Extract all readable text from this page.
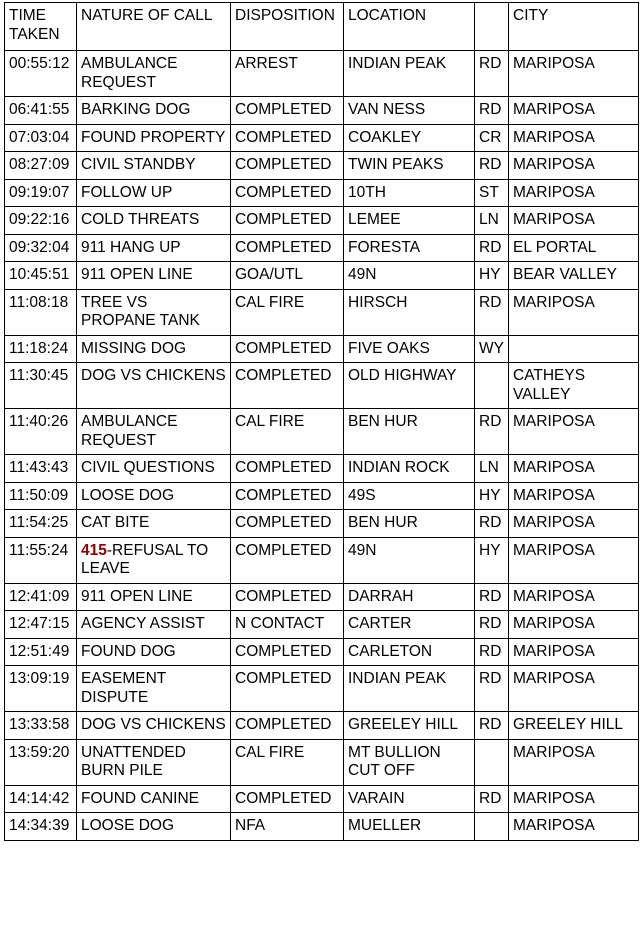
TIME TAKEN	NATURE OF CALL	DISPOSITION	LOCATION		CITY
00:55:12	AMBULANCE REQUEST	ARREST	INDIAN PEAK	RD	MARIPOSA
06:41:55	BARKING DOG	COMPLETED	VAN NESS	RD	MARIPOSA
07:03:04	FOUND PROPERTY	COMPLETED	COAKLEY	CR	MARIPOSA
08:27:09	CIVIL STANDBY	COMPLETED	TWIN PEAKS	RD	MARIPOSA
09:19:07	FOLLOW UP	COMPLETED	10TH	ST	MARIPOSA
09:22:16	COLD THREATS	COMPLETED	LEMEE	LN	MARIPOSA
09:32:04	911 HANG UP	COMPLETED	FORESTA	RD	EL PORTAL
10:45:51	911 OPEN LINE	GOA/UTL	49N	HY	BEAR VALLEY
11:08:18	TREE VS PROPANE TANK	CAL FIRE	HIRSCH	RD	MARIPOSA
11:18:24	MISSING DOG	COMPLETED	FIVE OAKS	WY	
11:30:45	DOG VS CHICKENS	COMPLETED	OLD HIGHWAY		CATHEYS VALLEY
11:40:26	AMBULANCE REQUEST	CAL FIRE	BEN HUR	RD	MARIPOSA
11:43:43	CIVIL QUESTIONS	COMPLETED	INDIAN ROCK	LN	MARIPOSA
11:50:09	LOOSE DOG	COMPLETED	49S	HY	MARIPOSA
11:54:25	CAT BITE	COMPLETED	BEN HUR	RD	MARIPOSA
11:55:24	415-REFUSAL TO LEAVE	COMPLETED	49N	HY	MARIPOSA
12:41:09	911 OPEN LINE	COMPLETED	DARRAH	RD	MARIPOSA
12:47:15	AGENCY ASSIST	N CONTACT	CARTER	RD	MARIPOSA
12:51:49	FOUND DOG	COMPLETED	CARLETON	RD	MARIPOSA
13:09:19	EASEMENT DISPUTE	COMPLETED	INDIAN PEAK	RD	MARIPOSA
13:33:58	DOG VS CHICKENS	COMPLETED	GREELEY HILL	RD	GREELEY HILL
13:59:20	UNATTENDED BURN PILE	CAL FIRE	MT BULLION CUT OFF		MARIPOSA
14:14:42	FOUND CANINE	COMPLETED	VARAIN	RD	MARIPOSA
14:34:39	LOOSE DOG	NFA	MUELLER		MARIPOSA
